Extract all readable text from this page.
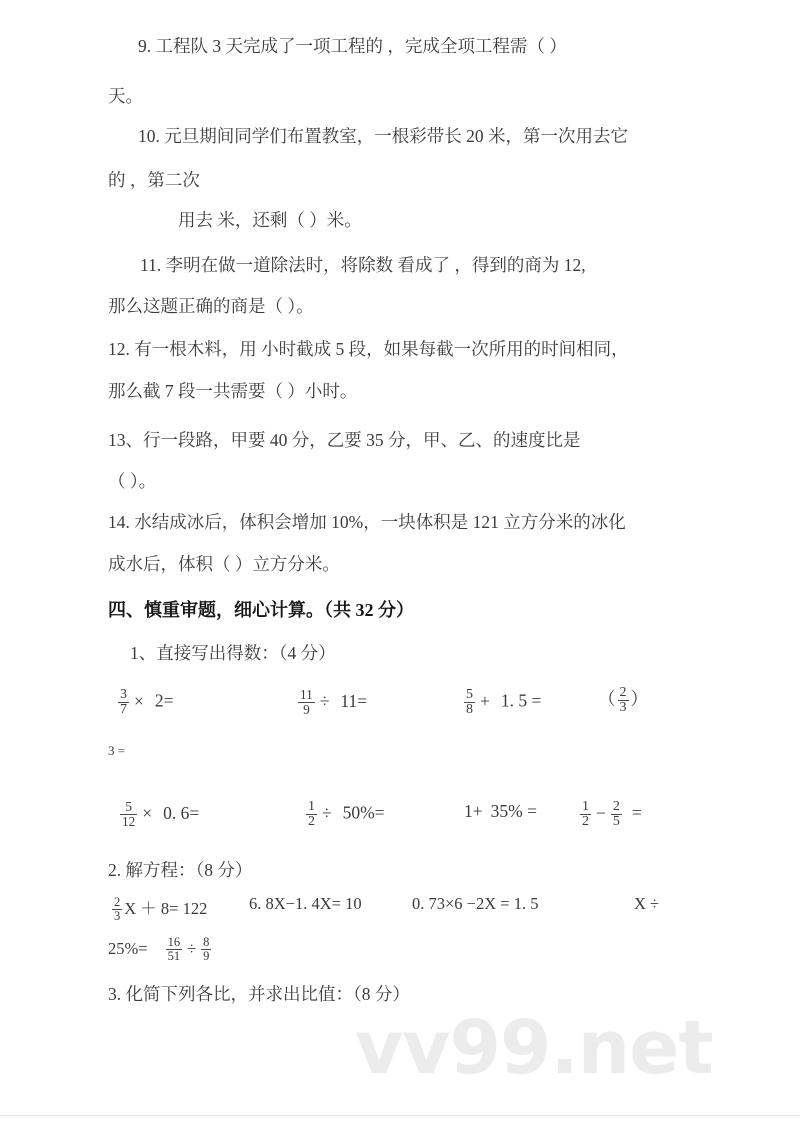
vv99.net
9. 工程队 3 天完成了一项工程的 ，完成全项工程需（ ）
天。
10. 元旦期间同学们布置教室，一根彩带长 20 米，第一次用去它
的 ，第二次
用去 米，还剩（ ）米。
11. 李明在做一道除法时，将除数 看成了 ，得到的商为 12,
那么这题正确的商是（ ）。
12. 有一根木料，用 小时截成 5 段，如果每截一次所用的时间相同，
那么截 7 段一共需要（ ）小时。
13、行一段路，甲要 40 分，乙要 35 分，甲、乙、的速度比是
（ ）。
14. 水结成冰后，体积会增加 10%，一块体积是 121 立方分米的冰化
成水后，体积（ ）立方分米。
四、慎重审题，细心计算。（共 32 分）
1、直接写出得数：（4 分）
$\frac{3}{7} \times 2=$	$\frac{11}{9} \div 11=$	$\frac{5}{8} + 1$. 5 =	（ $\frac{2}{3}$ ）
3 =
$\frac{5}{12} \times 0$. 6=	$\frac{1}{2} \div 50\%=$	1+ 35% =	$\frac{1}{2} - \frac{2}{5}$ =
2. 解方程：（8 分）
$\frac{2}{3}$ X ＋ 8= 122	6. 8X−1. 4X= 10	0. 73×6 −2X = 1. 5	X ÷
$25\%= \frac{16}{51} \div \frac{8}{9}$
3. 化简下列各比，并求出比值：（8 分）
